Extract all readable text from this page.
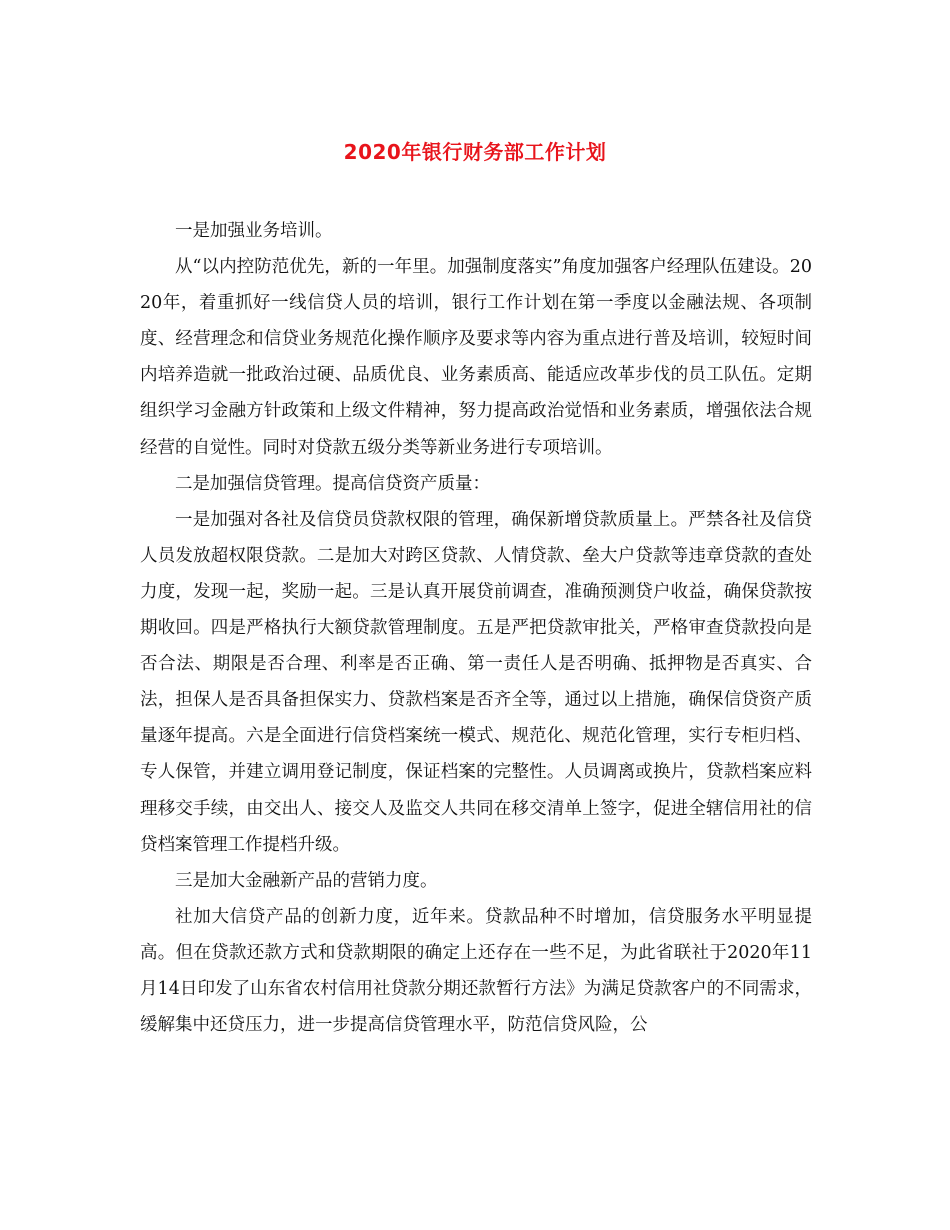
2020年银行财务部工作计划

一是加强业务培训。

从“以内控防范优先，新的一年里。加强制度落实”角度加强客户经理队伍建设。2020年，着重抓好一线信贷人员的培训，银行工作计划在第一季度以金融法规、各项制度、经营理念和信贷业务规范化操作顺序及要求等内容为重点进行普及培训，较短时间内培养造就一批政治过硬、品质优良、业务素质高、能适应改革步伐的员工队伍。定期组织学习金融方针政策和上级文件精神，努力提高政治觉悟和业务素质，增强依法合规经营的自觉性。同时对贷款五级分类等新业务进行专项培训。

二是加强信贷管理。提高信贷资产质量：

一是加强对各社及信贷员贷款权限的管理，确保新增贷款质量上。严禁各社及信贷人员发放超权限贷款。二是加大对跨区贷款、人情贷款、垒大户贷款等违章贷款的查处力度，发现一起，奖励一起。三是认真开展贷前调查，准确预测贷户收益，确保贷款按期收回。四是严格执行大额贷款管理制度。五是严把贷款审批关，严格审查贷款投向是否合法、期限是否合理、利率是否正确、第一责任人是否明确、抵押物是否真实、合法，担保人是否具备担保实力、贷款档案是否齐全等，通过以上措施，确保信贷资产质量逐年提高。六是全面进行信贷档案统一模式、规范化、规范化管理，实行专柜归档、专人保管，并建立调用登记制度，保证档案的完整性。人员调离或换片，贷款档案应料理移交手续，由交出人、接交人及监交人共同在移交清单上签字，促进全辖信用社的信贷档案管理工作提档升级。

三是加大金融新产品的营销力度。

社加大信贷产品的创新力度，近年来。贷款品种不时增加，信贷服务水平明显提高。但在贷款还款方式和贷款期限的确定上还存在一些不足，为此省联社于2020年11月14日印发了山东省农村信用社贷款分期还款暂行方法》为满足贷款客户的不同需求，缓解集中还贷压力，进一步提高信贷管理水平，防范信贷风险，公
